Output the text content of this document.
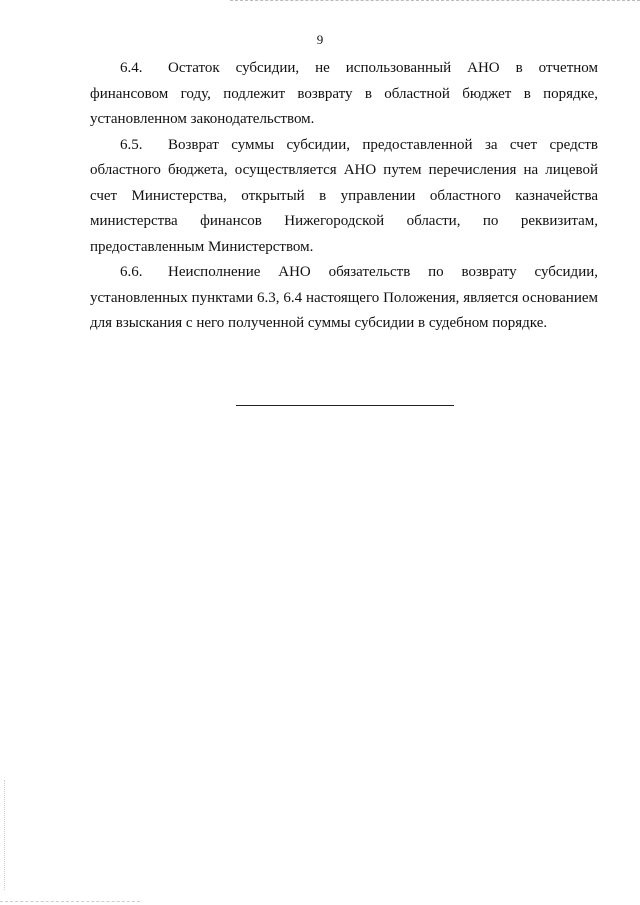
9

6.4. Остаток субсидии, не использованный АНО в отчетном финансовом году, подлежит возврату в областной бюджет в порядке, установленном законодательством.

6.5. Возврат суммы субсидии, предоставленной за счет средств областного бюджета, осуществляется АНО путем перечисления на лицевой счет Министерства, открытый в управлении областного казначейства министерства финансов Нижегородской области, по реквизитам, предоставленным Министерством.

6.6. Неисполнение АНО обязательств по возврату субсидии, установленных пунктами 6.3, 6.4 настоящего Положения, является основанием для взыскания с него полученной суммы субсидии в судебном порядке.
